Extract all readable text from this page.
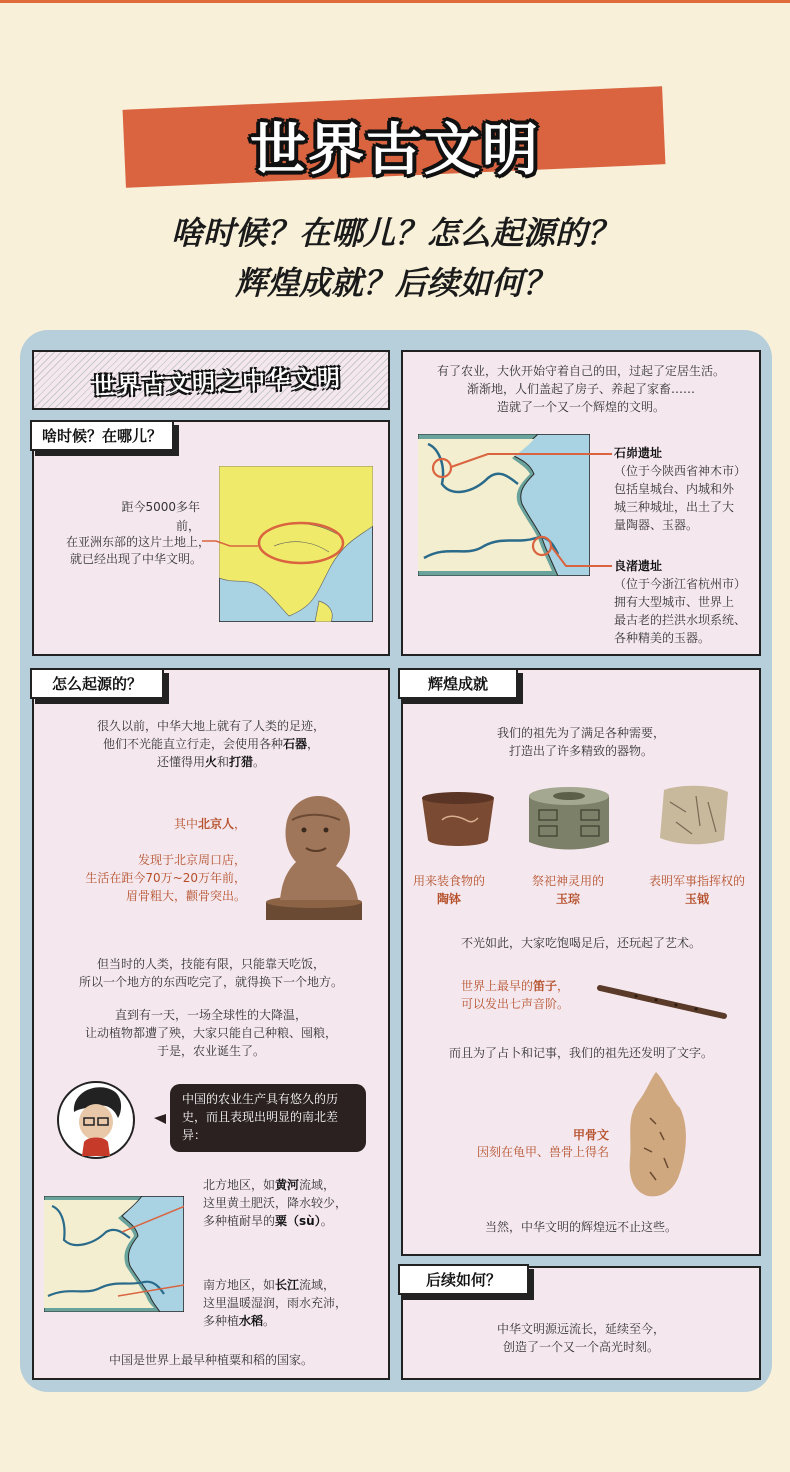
世界古文明
啥时候？在哪儿？怎么起源的？
辉煌成就？后续如何？
世界古文明之中华文明
啥时候？在哪儿？
距今5000多年前，
在亚洲东部的这片土地上，
就已经出现了中华文明。
有了农业，大伙开始守着自己的田，过起了定居生活。
渐渐地，人们盖起了房子、养起了家畜……
造就了一个又一个辉煌的文明。
石峁遗址
（位于今陕西省神木市）
包括皇城台、内城和外
城三种城址，出土了大
量陶器、玉器。
良渚遗址
（位于今浙江省杭州市）
拥有大型城市、世界上
最古老的拦洪水坝系统、
各种精美的玉器。
怎么起源的？
很久以前，中华大地上就有了人类的足迹，
他们不光能直立行走，会使用各种石器，
还懂得用火和打猎。
其中北京人，
发现于北京周口店，
生活在距今70万~20万年前，
眉骨粗大，颧骨突出。
但当时的人类，技能有限，只能靠天吃饭，
所以一个地方的东西吃完了，就得换下一个地方。
直到有一天，一场全球性的大降温，
让动植物都遭了殃，大家只能自己种粮、囤粮，
于是，农业诞生了。
中国的农业生产具有悠久的历史，而且表现出明显的南北差异：
北方地区，如黄河流域，
这里黄土肥沃，降水较少，
多种植耐旱的粟（sù）。
南方地区，如长江流域，
这里温暖湿润，雨水充沛，
多种植水稻。
中国是世界上最早种植粟和稻的国家。
辉煌成就
我们的祖先为了满足各种需要，
打造出了许多精致的器物。
用来装食物的
陶钵
祭祀神灵用的
玉琮
表明军事指挥权的
玉钺
不光如此，大家吃饱喝足后，还玩起了艺术。
世界上最早的笛子，
可以发出七声音阶。
而且为了占卜和记事，我们的祖先还发明了文字。
甲骨文
因刻在龟甲、兽骨上得名
当然，中华文明的辉煌远不止这些。
后续如何？
中华文明源远流长，延续至今，
创造了一个又一个高光时刻。
